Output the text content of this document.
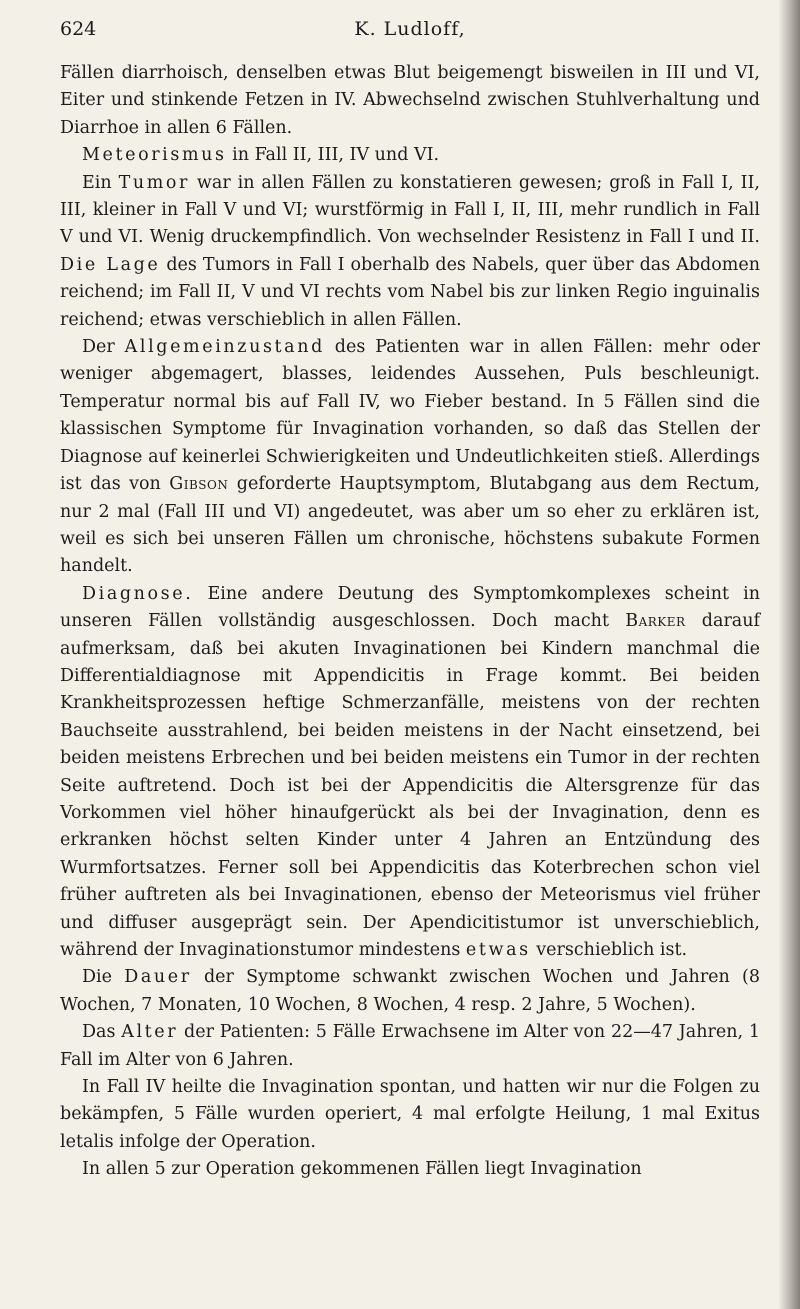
624	K. Ludloff,

Fällen diarrhoisch, denselben etwas Blut beigemengt bisweilen in III und VI, Eiter und stinkende Fetzen in IV. Abwechselnd zwischen Stuhlverhaltung und Diarrhoe in allen 6 Fällen.

Meteorismus in Fall II, III, IV und VI.

Ein Tumor war in allen Fällen zu konstatieren gewesen; groß in Fall I, II, III, kleiner in Fall V und VI; wurstförmig in Fall I, II, III, mehr rundlich in Fall V und VI. Wenig druckempfindlich. Von wechselnder Resistenz in Fall I und II. Die Lage des Tumors in Fall I oberhalb des Nabels, quer über das Abdomen reichend; im Fall II, V und VI rechts vom Nabel bis zur linken Regio inguinalis reichend; etwas verschieblich in allen Fällen.

Der Allgemeinzustand des Patienten war in allen Fällen: mehr oder weniger abgemagert, blasses, leidendes Aussehen, Puls beschleunigt. Temperatur normal bis auf Fall IV, wo Fieber bestand. In 5 Fällen sind die klassischen Symptome für Invagination vorhanden, so daß das Stellen der Diagnose auf keinerlei Schwierigkeiten und Undeutlichkeiten stieß. Allerdings ist das von Gibson geforderte Hauptsymptom, Blutabgang aus dem Rectum, nur 2 mal (Fall III und VI) angedeutet, was aber um so eher zu erklären ist, weil es sich bei unseren Fällen um chronische, höchstens subakute Formen handelt.

Diagnose. Eine andere Deutung des Symptomkomplexes scheint in unseren Fällen vollständig ausgeschlossen. Doch macht Barker darauf aufmerksam, daß bei akuten Invaginationen bei Kindern manchmal die Differentialdiagnose mit Appendicitis in Frage kommt. Bei beiden Krankheitsprozessen heftige Schmerzanfälle, meistens von der rechten Bauchseite ausstrahlend, bei beiden meistens in der Nacht einsetzend, bei beiden meistens Erbrechen und bei beiden meistens ein Tumor in der rechten Seite auftretend. Doch ist bei der Appendicitis die Altersgrenze für das Vorkommen viel höher hinaufgerückt als bei der Invagination, denn es erkranken höchst selten Kinder unter 4 Jahren an Entzündung des Wurmfortsatzes. Ferner soll bei Appendicitis das Koterbrechen schon viel früher auftreten als bei Invaginationen, ebenso der Meteorismus viel früher und diffuser ausgeprägt sein. Der Apendicitistumor ist unverschieblich, während der Invaginationstumor mindestens etwas verschieblich ist.

Die Dauer der Symptome schwankt zwischen Wochen und Jahren (8 Wochen, 7 Monaten, 10 Wochen, 8 Wochen, 4 resp. 2 Jahre, 5 Wochen).

Das Alter der Patienten: 5 Fälle Erwachsene im Alter von 22—47 Jahren, 1 Fall im Alter von 6 Jahren.

In Fall IV heilte die Invagination spontan, und hatten wir nur die Folgen zu bekämpfen, 5 Fälle wurden operiert, 4 mal erfolgte Heilung, 1 mal Exitus letalis infolge der Operation.

In allen 5 zur Operation gekommenen Fällen liegt Invagination
